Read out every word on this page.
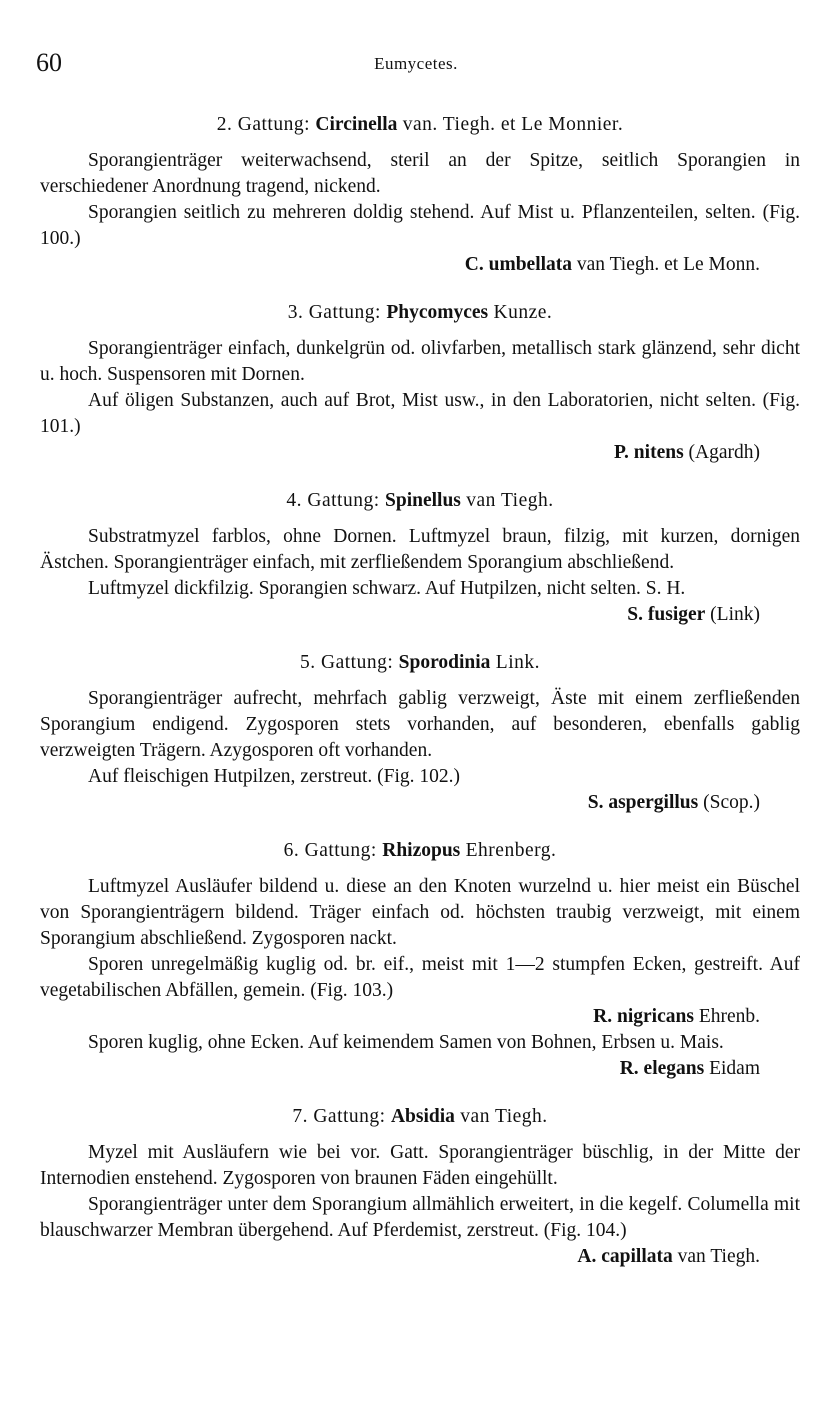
60	Eumycetes.
2. Gattung: Circinella van. Tiegh. et Le Monnier.

Sporangienträger weiterwachsend, steril an der Spitze, seitlich Sporangien in verschiedener Anordnung tragend, nickend.

Sporangien seitlich zu mehreren doldig stehend. Auf Mist u. Pflanzenteilen, selten. (Fig. 100.)

C. umbellata van Tiegh. et Le Monn.

3. Gattung: Phycomyces Kunze.

Sporangienträger einfach, dunkelgrün od. olivfarben, metallisch stark glänzend, sehr dicht u. hoch. Suspensoren mit Dornen.

Auf öligen Substanzen, auch auf Brot, Mist usw., in den Laboratorien, nicht selten. (Fig. 101.)

P. nitens (Agardh)

4. Gattung: Spinellus van Tiegh.

Substratmyzel farblos, ohne Dornen. Luftmyzel braun, filzig, mit kurzen, dornigen Ästchen. Sporangienträger einfach, mit zerfließendem Sporangium abschließend.

Luftmyzel dickfilzig. Sporangien schwarz. Auf Hutpilzen, nicht selten. S. H.

S. fusiger (Link)

5. Gattung: Sporodinia Link.

Sporangienträger aufrecht, mehrfach gablig verzweigt, Äste mit einem zerfließenden Sporangium endigend. Zygosporen stets vorhanden, auf besonderen, ebenfalls gablig verzweigten Trägern. Azygosporen oft vorhanden.

Auf fleischigen Hutpilzen, zerstreut. (Fig. 102.)

S. aspergillus (Scop.)

6. Gattung: Rhizopus Ehrenberg.

Luftmyzel Ausläufer bildend u. diese an den Knoten wurzelnd u. hier meist ein Büschel von Sporangienträgern bildend. Träger einfach od. höchsten traubig verzweigt, mit einem Sporangium abschließend. Zygosporen nackt.

Sporen unregelmäßig kuglig od. br. eif., meist mit 1—2 stumpfen Ecken, gestreift. Auf vegetabilischen Abfällen, gemein. (Fig. 103.)

R. nigricans Ehrenb.

Sporen kuglig, ohne Ecken. Auf keimendem Samen von Bohnen, Erbsen u. Mais.

R. elegans Eidam

7. Gattung: Absidia van Tiegh.

Myzel mit Ausläufern wie bei vor. Gatt. Sporangienträger büschlig, in der Mitte der Internodien enstehend. Zygosporen von braunen Fäden eingehüllt.

Sporangienträger unter dem Sporangium allmählich erweitert, in die kegelf. Columella mit blauschwarzer Membran übergehend. Auf Pferdemist, zerstreut. (Fig. 104.)

A. capillata van Tiegh.
